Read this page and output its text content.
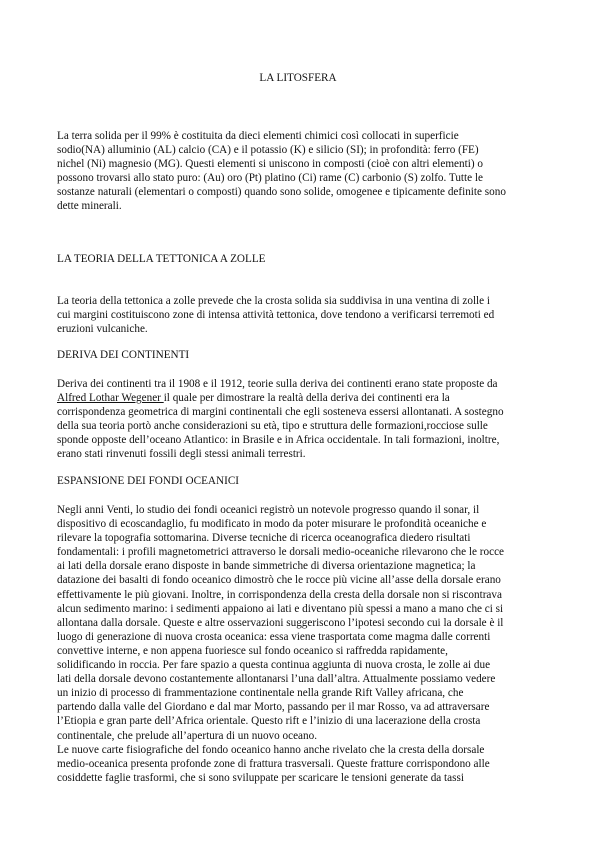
LA LITOSFERA

La terra solida per il 99% è costituita da dieci elementi chimici così collocati in superficie
sodio(NA) alluminio (AL) calcio (CA) e il potassio (K) e silicio (SI); in profondità: ferro (FE)
nichel (Ni) magnesio (MG). Questi elementi si uniscono in composti (cioè con altri elementi) o
possono trovarsi allo stato puro: (Au) oro (Pt) platino (Ci) rame (C) carbonio (S) zolfo. Tutte le
sostanze naturali (elementari o composti) quando sono solide, omogenee e tipicamente definite sono
dette minerali.

LA TEORIA DELLA TETTONICA A ZOLLE

La teoria della tettonica a zolle prevede che la crosta solida sia suddivisa in una ventina di zolle i
cui margini costituiscono zone di intensa attività tettonica, dove tendono a verificarsi terremoti ed
eruzioni vulcaniche.

DERIVA DEI CONTINENTI

Deriva dei continenti tra il 1908 e il 1912, teorie sulla deriva dei continenti erano state proposte da
Alfred Lothar Wegener il quale per dimostrare la realtà della deriva dei continenti era la
corrispondenza geometrica di margini continentali che egli sosteneva essersi allontanati. A sostegno
della sua teoria portò anche considerazioni su età, tipo e struttura delle formazioni,rocciose sulle
sponde opposte dell’oceano Atlantico: in Brasile e in Africa occidentale. In tali formazioni, inoltre,
erano stati rinvenuti fossili degli stessi animali terrestri.

ESPANSIONE DEI FONDI OCEANICI

Negli anni Venti, lo studio dei fondi oceanici registrò un notevole progresso quando il sonar, il
dispositivo di ecoscandaglio, fu modificato in modo da poter misurare le profondità oceaniche e
rilevare la topografia sottomarina. Diverse tecniche di ricerca oceanografica diedero risultati
fondamentali: i profili magnetometrici attraverso le dorsali medio-oceaniche rilevarono che le rocce
ai lati della dorsale erano disposte in bande simmetriche di diversa orientazione magnetica; la
datazione dei basalti di fondo oceanico dimostrò che le rocce più vicine all’asse della dorsale erano
effettivamente le più giovani. Inoltre, in corrispondenza della cresta della dorsale non si riscontrava
alcun sedimento marino: i sedimenti appaiono ai lati e diventano più spessi a mano a mano che ci si
allontana dalla dorsale. Queste e altre osservazioni suggeriscono l’ipotesi secondo cui la dorsale è il
luogo di generazione di nuova crosta oceanica: essa viene trasportata come magma dalle correnti
convettive interne, e non appena fuoriesce sul fondo oceanico si raffredda rapidamente,
solidificando in roccia. Per fare spazio a questa continua aggiunta di nuova crosta, le zolle ai due
lati della dorsale devono costantemente allontanarsi l’una dall’altra. Attualmente possiamo vedere
un inizio di processo di frammentazione continentale nella grande Rift Valley africana, che
partendo dalla valle del Giordano e dal mar Morto, passando per il mar Rosso, va ad attraversare
l’Etiopia e gran parte dell’Africa orientale. Questo rift e l’inizio di una lacerazione della crosta
continentale, che prelude all’apertura di un nuovo oceano.
Le nuove carte fisiografiche del fondo oceanico hanno anche rivelato che la cresta della dorsale
medio-oceanica presenta profonde zone di frattura trasversali. Queste fratture corrispondono alle
cosiddette faglie trasformi, che si sono sviluppate per scaricare le tensioni generate da tassi
